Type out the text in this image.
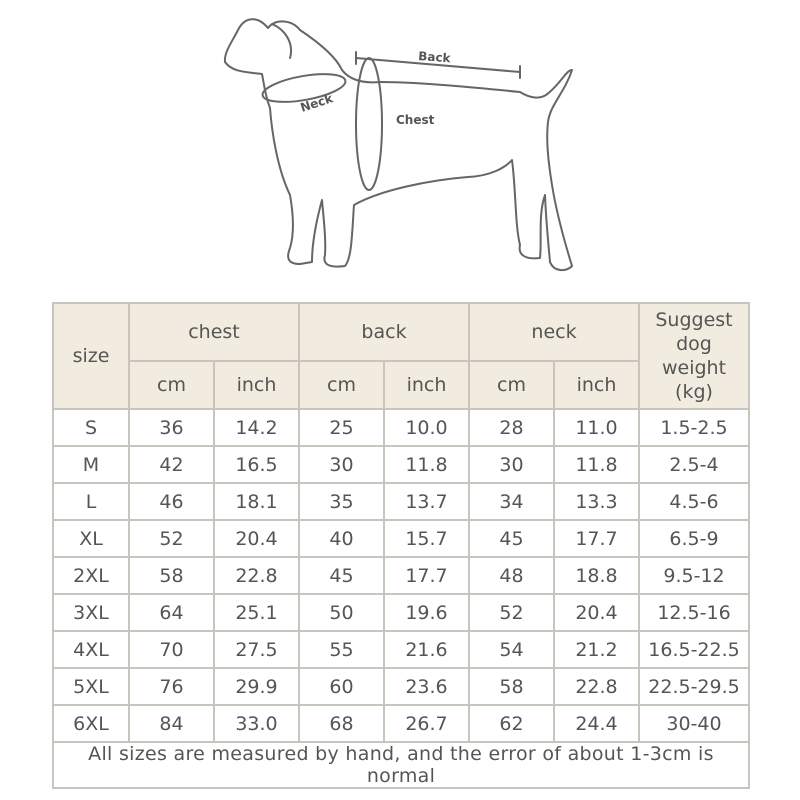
Back
Neck
Chest
size	chest		back		neck		Suggest dog
weight
(kg)

	cm	inch	cm	inch	cm	inch	
S	36	14.2	25	10.0	28	11.0	1.5-2.5
M	42	16.5	30	11.8	30	11.8	2.5-4
L	46	18.1	35	13.7	34	13.3	4.5-6
XL	52	20.4	40	15.7	45	17.7	6.5-9
2XL	58	22.8	45	17.7	48	18.8	9.5-12
3XL	64	25.1	50	19.6	52	20.4	12.5-16
4XL	70	27.5	55	21.6	54	21.2	16.5-22.5
5XL	76	29.9	60	23.6	58	22.8	22.5-29.5
6XL	84	33.0	68	26.7	62	24.4	30-40
All sizes are measured by hand, and the error of about 1-3cm is normal							
